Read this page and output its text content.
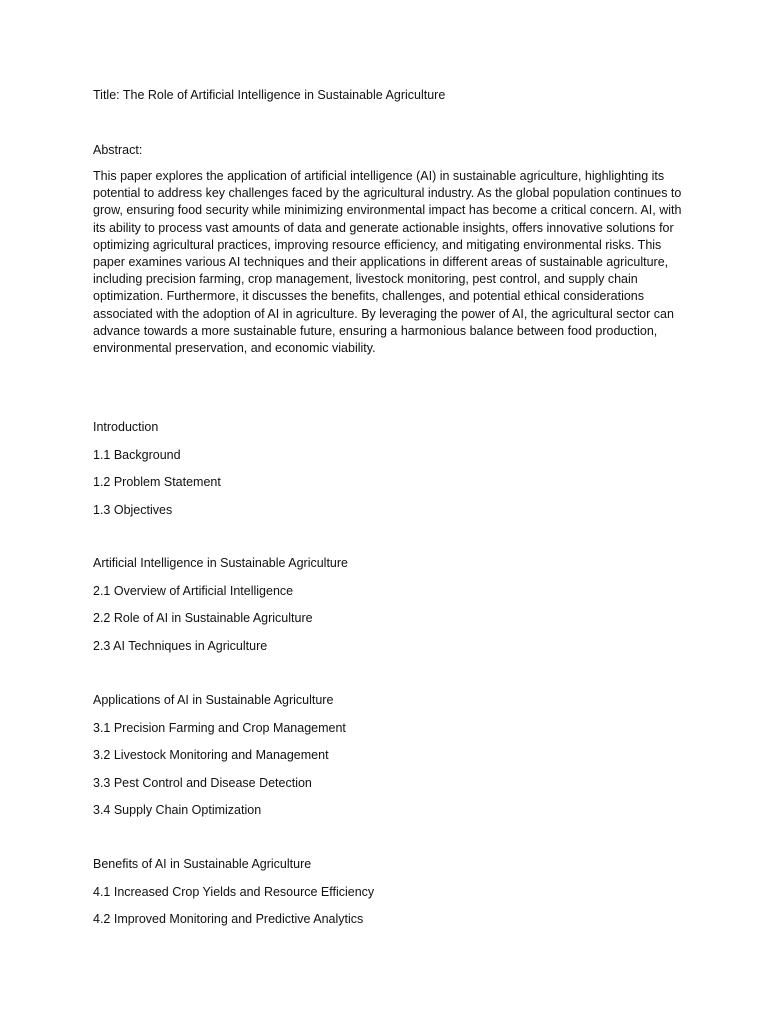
Title: The Role of Artificial Intelligence in Sustainable Agriculture

Abstract:

This paper explores the application of artificial intelligence (AI) in sustainable agriculture, highlighting its potential to address key challenges faced by the agricultural industry. As the global population continues to grow, ensuring food security while minimizing environmental impact has become a critical concern. AI, with its ability to process vast amounts of data and generate actionable insights, offers innovative solutions for optimizing agricultural practices, improving resource efficiency, and mitigating environmental risks. This paper examines various AI techniques and their applications in different areas of sustainable agriculture, including precision farming, crop management, livestock monitoring, pest control, and supply chain optimization. Furthermore, it discusses the benefits, challenges, and potential ethical considerations associated with the adoption of AI in agriculture. By leveraging the power of AI, the agricultural sector can advance towards a more sustainable future, ensuring a harmonious balance between food production, environmental preservation, and economic viability.

Introduction

1.1 Background

1.2 Problem Statement

1.3 Objectives

Artificial Intelligence in Sustainable Agriculture

2.1 Overview of Artificial Intelligence

2.2 Role of AI in Sustainable Agriculture

2.3 AI Techniques in Agriculture

Applications of AI in Sustainable Agriculture

3.1 Precision Farming and Crop Management

3.2 Livestock Monitoring and Management

3.3 Pest Control and Disease Detection

3.4 Supply Chain Optimization

Benefits of AI in Sustainable Agriculture

4.1 Increased Crop Yields and Resource Efficiency

4.2 Improved Monitoring and Predictive Analytics
